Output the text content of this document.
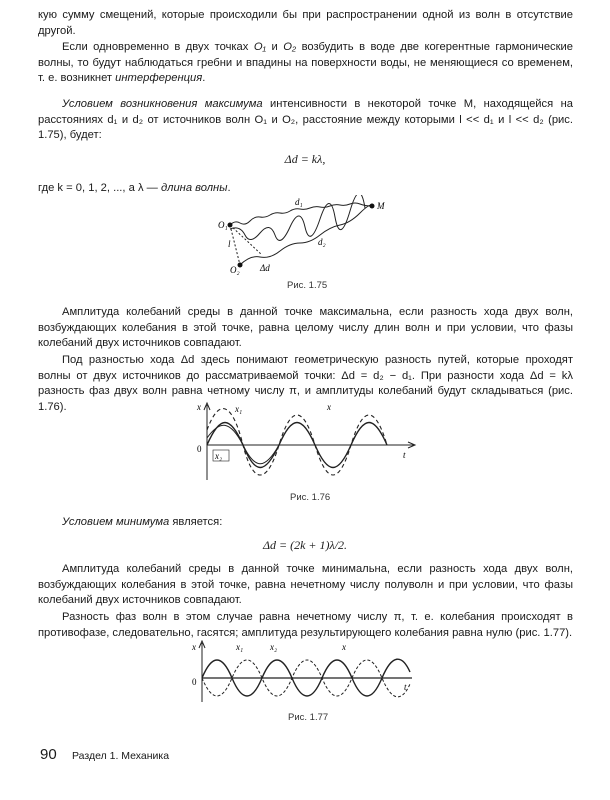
кую сумму смещений, которые происходили бы при распространении одной из волн в отсутствие другой.

Если одновременно в двух точках O₁ и O₂ возбудить в воде две когерентные гармонические волны, то будут наблюдаться гребни и впадины на поверхности воды, не меняющиеся со временем, т. е. возникнет интерференция.

Условием возникновения максимума интенсивности в некоторой точке M, находящейся на расстояниях d₁ и d₂ от источников волн O₁ и O₂, расстояние между которыми l << d₁ и l << d₂ (рис. 1.75), будет:

Δd = kλ,

где k = 0, 1, 2, ..., а λ — длина волны.

O₁
O₂
M
d₁
d₂
l
Δd
Рис. 1.75

Амплитуда колебаний среды в данной точке максимальна, если разность хода двух волн, возбуждающих колебания в этой точке, равна целому числу длин волн и при условии, что фазы колебаний двух источников совпадают.

Под разностью хода Δd здесь понимают геометрическую разность путей, которые проходят волны от двух источников до рассматриваемой точки: Δd = d₂ − d₁. При разности хода Δd = kλ разность фаз двух волн равна четному числу π, и амплитуды колебаний будут складываться (рис. 1.76).	x
t
0
x₁	x
x₂
Рис. 1.76

Условием минимума является:

Δd = (2k + 1)λ/2.

Амплитуда колебаний среды в данной точке минимальна, если разность хода двух волн, возбуждающих колебания в этой точке, равна нечетному числу полуволн и при условии, что фазы колебаний двух источников совпадают.

Разность фаз волн в этом случае равна нечетному числу π, т. е. колебания происходят в противофазе, следовательно, гасятся; амплитуда результирующего колебания равна нулю (рис. 1.77).

x
t
0
x₁	x₂	x
Рис. 1.77
90 Раздел 1. Механика
